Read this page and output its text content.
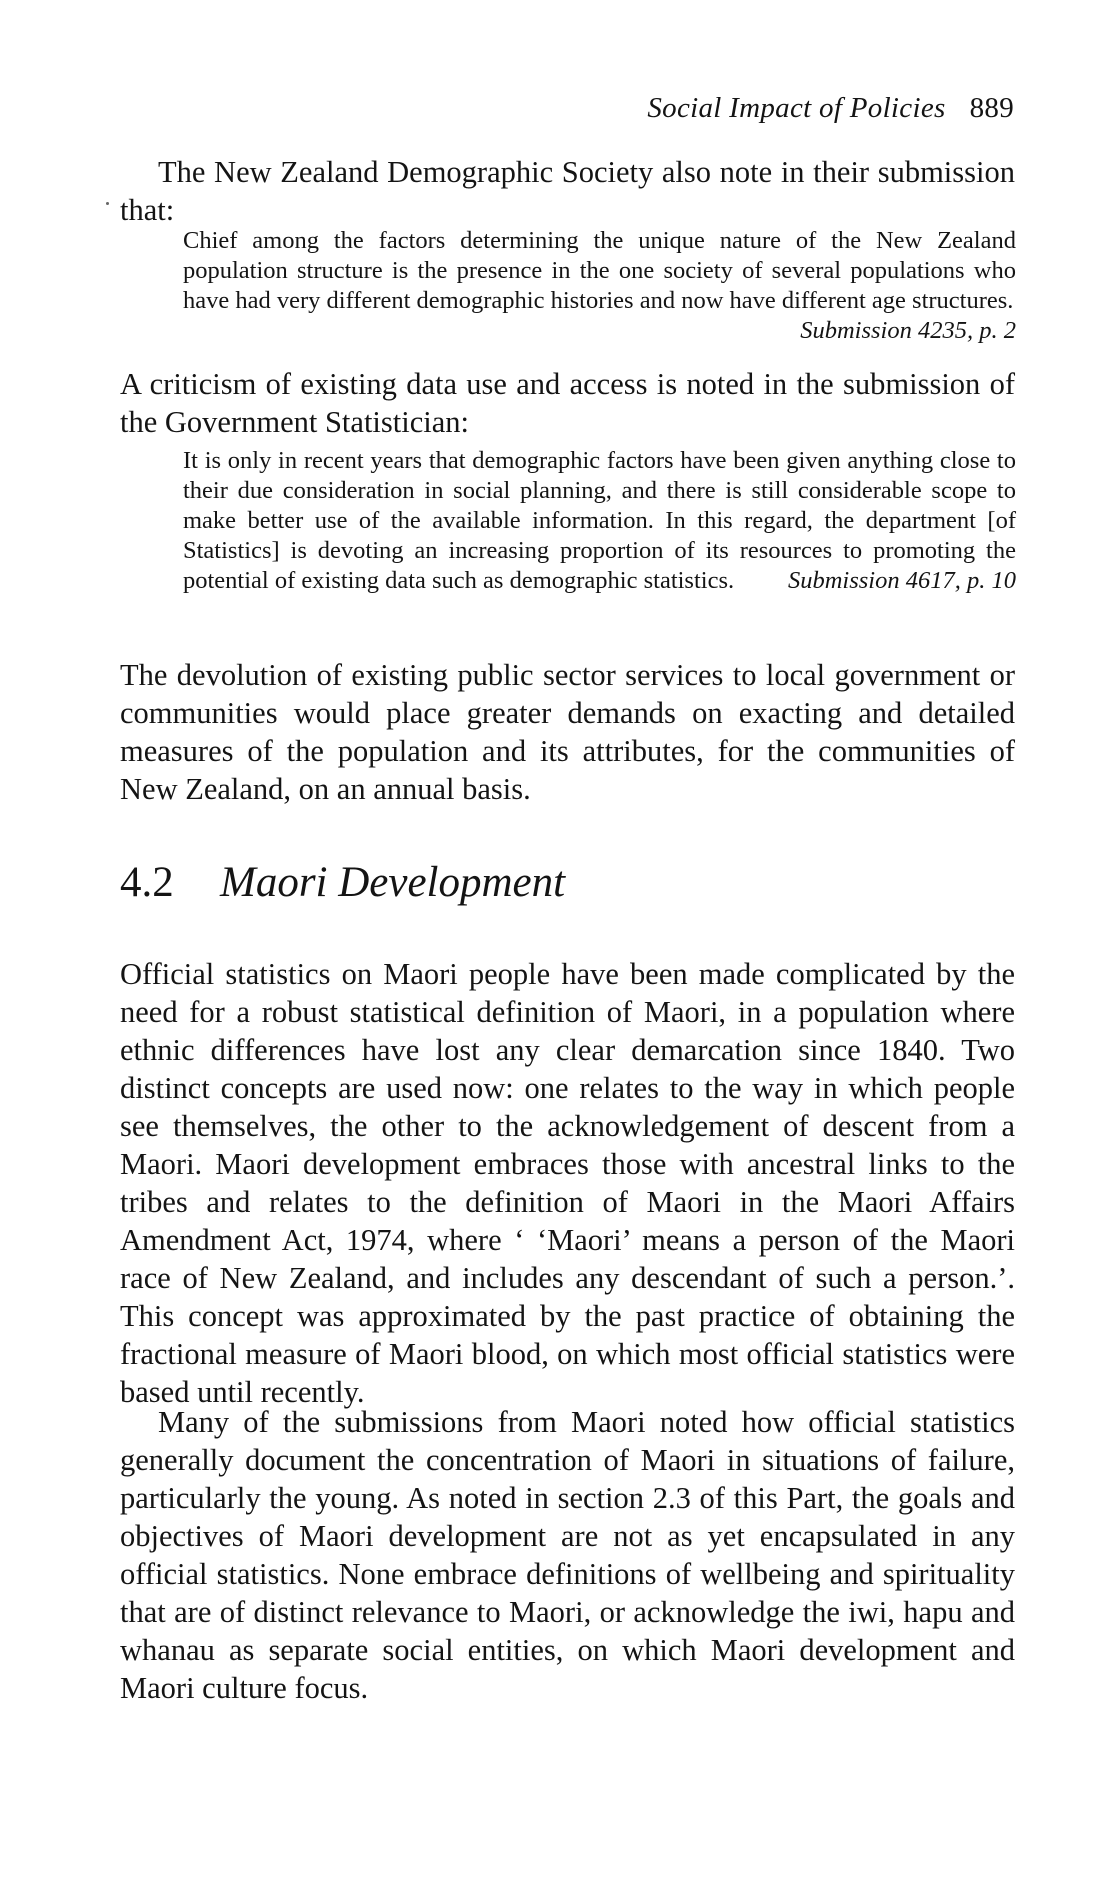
Social Impact of Policies 889

The New Zealand Demographic Society also note in their submission that:

Chief among the factors determining the unique nature of the New Zealand population structure is the presence in the one society of several populations who have had very different demographic histories and now have different age structures.
Submission 4235, p. 2

A criticism of existing data use and access is noted in the submission of the Government Statistician:

It is only in recent years that demographic factors have been given anything close to their due consideration in social planning, and there is still considerable scope to make better use of the available information. In this regard, the department [of Statistics] is devoting an increasing proportion of its resources to promoting the potential of existing data such as demographic statistics. Submission 4617, p. 10

The devolution of existing public sector services to local government or communities would place greater demands on exacting and detailed measures of the population and its attributes, for the communities of New Zealand, on an annual basis.

4.2 Maori Development

Official statistics on Maori people have been made complicated by the need for a robust statistical definition of Maori, in a population where ethnic differences have lost any clear demarcation since 1840. Two distinct concepts are used now: one relates to the way in which people see themselves, the other to the acknowledgement of descent from a Maori. Maori development embraces those with ancestral links to the tribes and relates to the definition of Maori in the Maori Affairs Amendment Act, 1974, where ‘ ‘Maori’ means a person of the Maori race of New Zealand, and includes any descendant of such a person.’. This concept was approximated by the past practice of obtaining the fractional measure of Maori blood, on which most official statistics were based until recently.

Many of the submissions from Maori noted how official statistics generally document the concentration of Maori in situations of failure, particularly the young. As noted in section 2.3 of this Part, the goals and objectives of Maori development are not as yet encapsulated in any official statistics. None embrace definitions of wellbeing and spirituality that are of distinct relevance to Maori, or acknowledge the iwi, hapu and whanau as separate social entities, on which Maori development and Maori culture focus.
